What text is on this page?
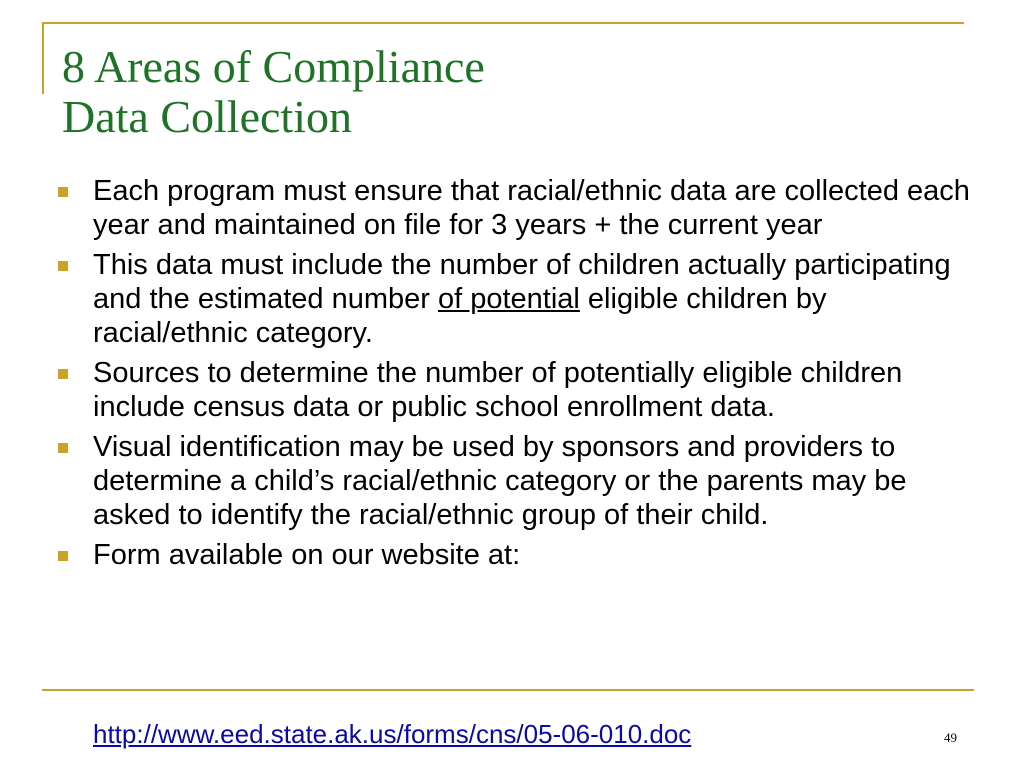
8 Areas of Compliance
Data Collection
Each program must ensure that racial/ethnic data are collected each year and maintained on file for 3 years + the current year
This data must include the number of children actually participating and the estimated number of potential eligible children by racial/ethnic category.
Sources to determine the number of potentially eligible children include census data or public school enrollment data.
Visual identification may be used by sponsors and providers to determine a child’s racial/ethnic category or the parents may be asked to identify the racial/ethnic group of their child.
Form available on our website at:
http://www.eed.state.ak.us/forms/cns/05-06-010.doc	49
